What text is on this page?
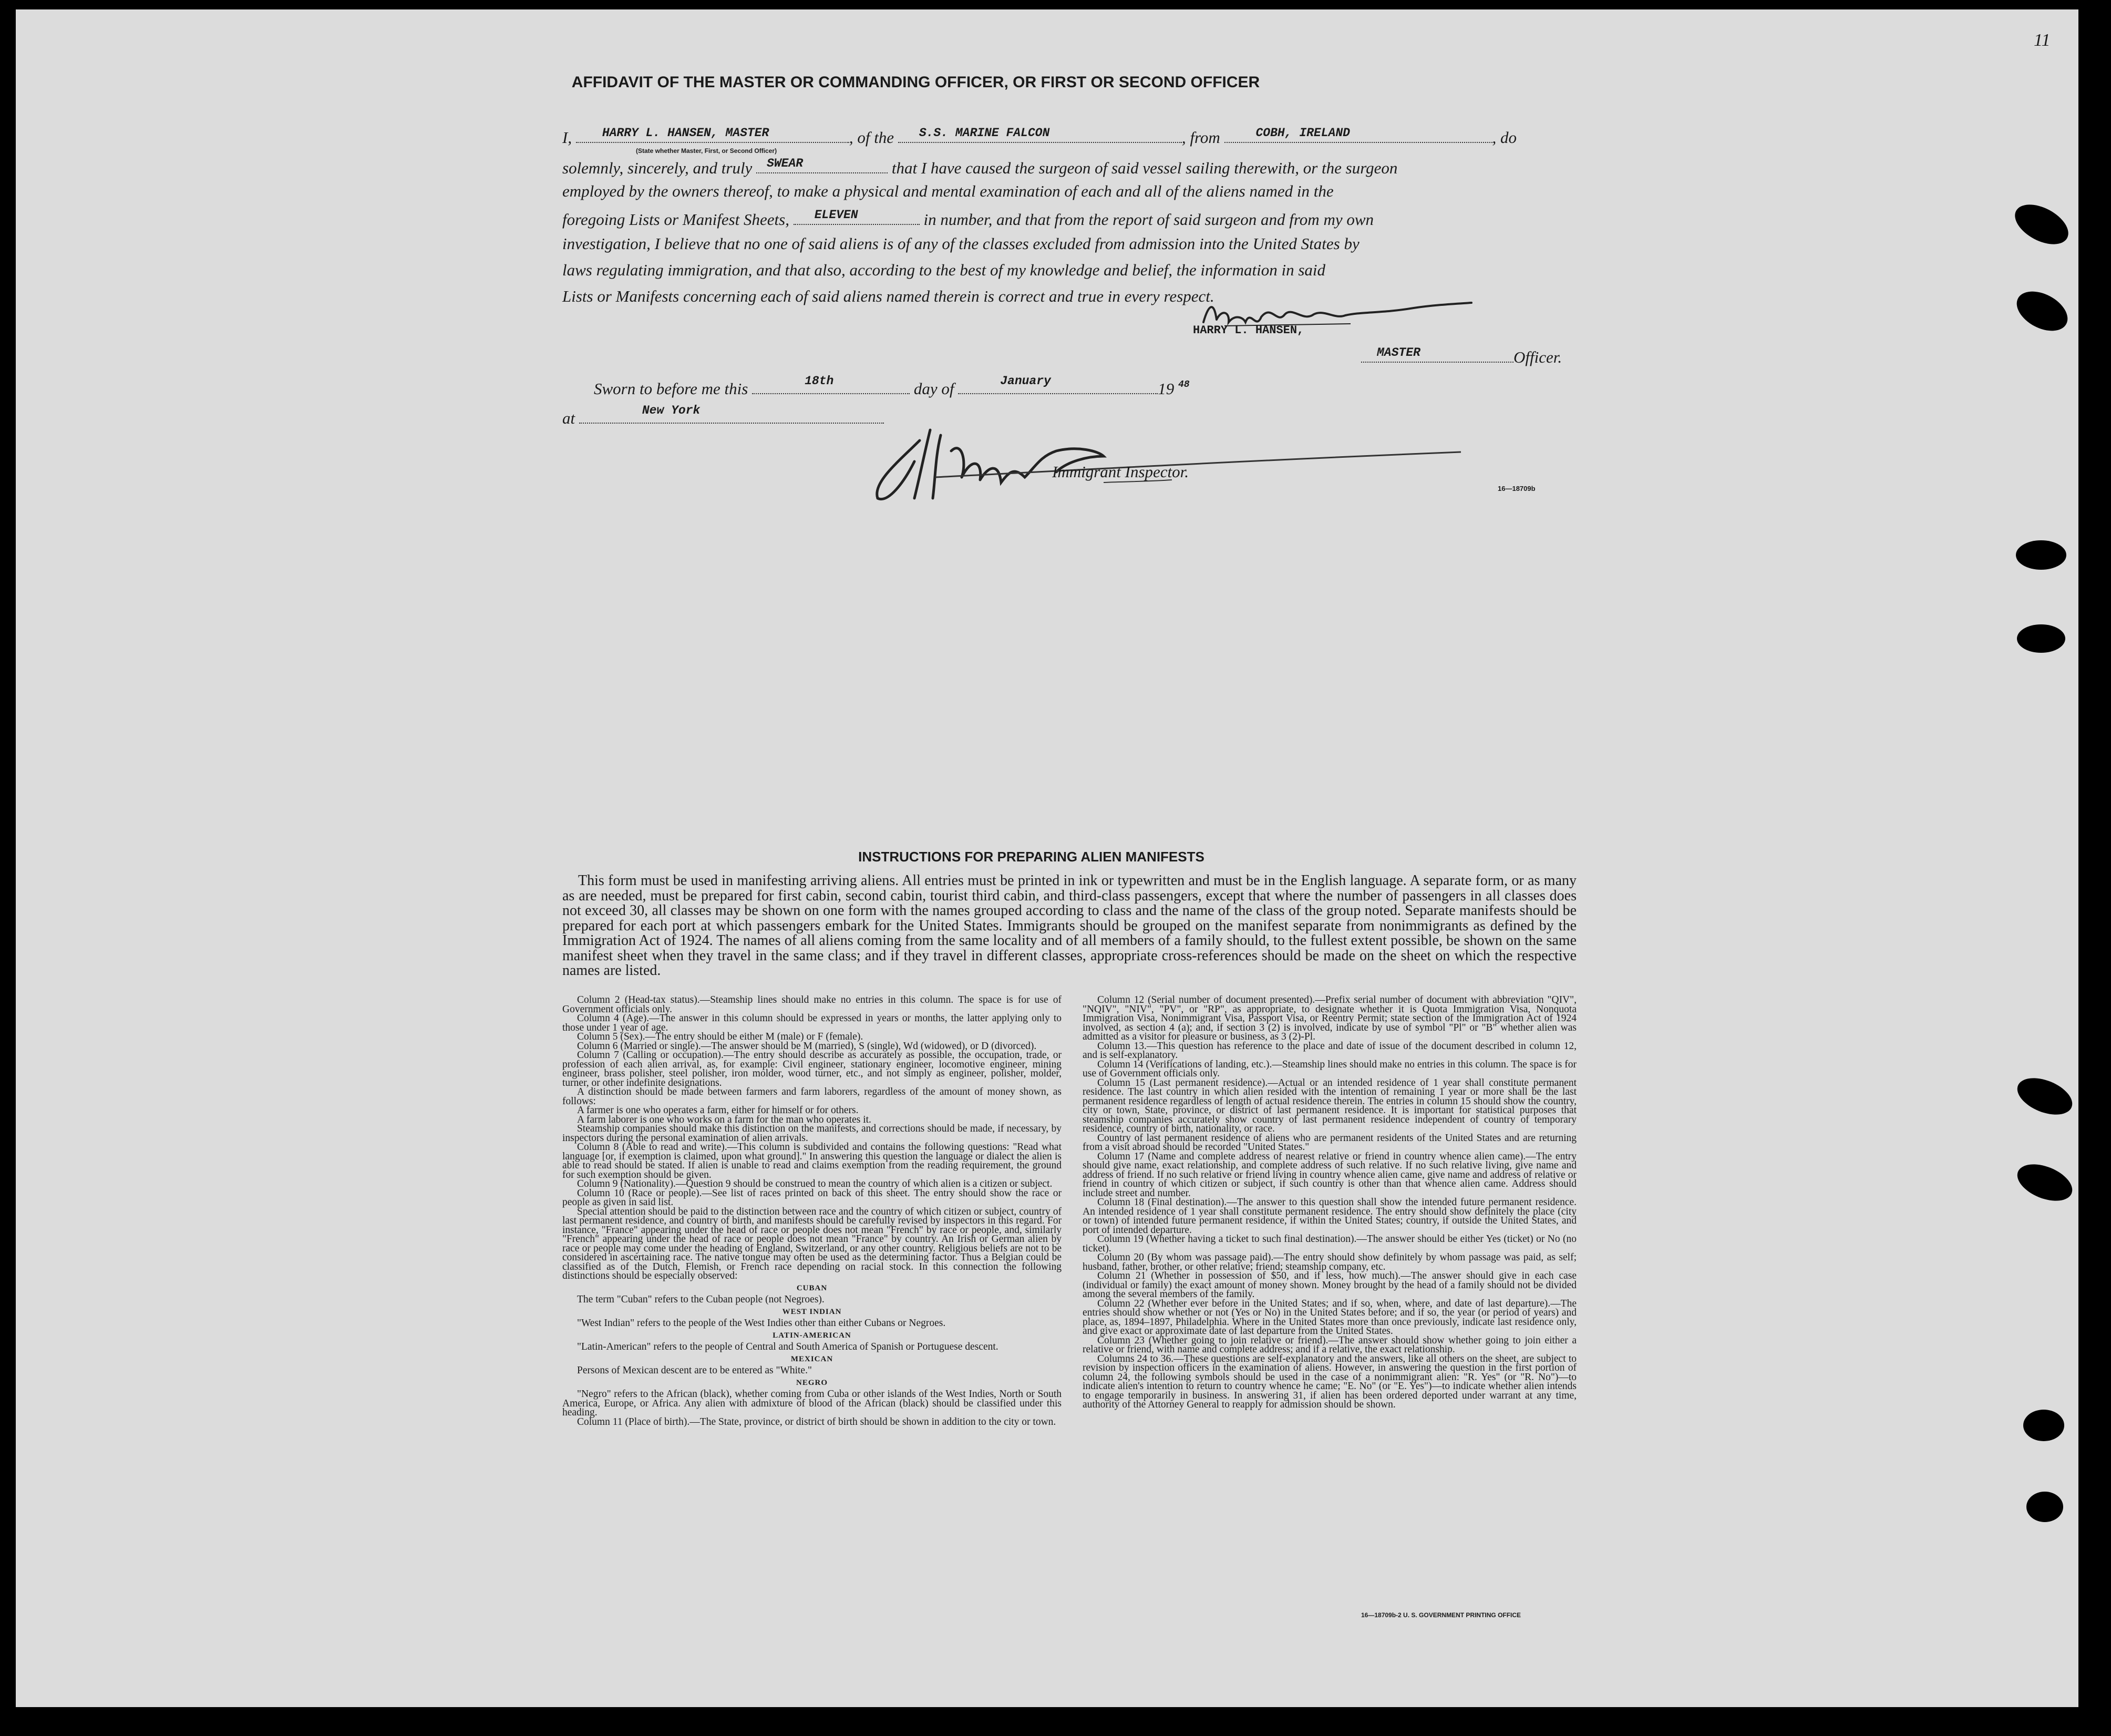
11
AFFIDAVIT OF THE MASTER OR COMMANDING OFFICER, OR FIRST OR SECOND OFFICER
I,	HARRY L. HANSEN, MASTER	, of the S.S. MARINE FALCON	, from	COBH, IRELAND	, do
(State whether Master, First, or Second Officer)
solemnly, sincerely, and truly SWEAR	that I have caused the surgeon of said vessel sailing therewith, or the surgeon
employed by the owners thereof, to make a physical and mental examination of each and all of the aliens named in the
foregoing Lists or Manifest Sheets, ELEVEN	in number, and that from the report of said surgeon and from my own
investigation, I believe that no one of said aliens is of any of the classes excluded from admission into the United States by
laws regulating immigration, and that also, according to the best of my knowledge and belief, the information in said
Lists or Manifests concerning each of said aliens named therein is correct and true in every respect.
HARRY L. HANSEN,
MASTER	Officer.
Sworn to before me this	18th	day of	January	19 $^{48}$
at	New York
Immigrant Inspector.
16—18709b
INSTRUCTIONS FOR PREPARING ALIEN MANIFESTS
This form must be used in manifesting arriving aliens. All entries must be printed in ink or typewritten and must be in the English language. A separate form, or as many as are needed, must be prepared for first cabin, second cabin, tourist third cabin, and third-class passengers, except that where the number of passengers in all classes does not exceed 30, all classes may be shown on one form with the names grouped according to class and the name of the class of the group noted. Separate manifests should be prepared for each port at which passengers embark for the United States. Immigrants should be grouped on the manifest separate from nonimmigrants as defined by the Immigration Act of 1924. The names of all aliens coming from the same locality and of all members of a family should, to the fullest extent possible, be shown on the same manifest sheet when they travel in the same class; and if they travel in different classes, appropriate cross-references should be made on the sheet on which the respective names are listed.

Column 2 (Head-tax status).—Steamship lines should make no entries in this column. The space is for use of Government officials only.

Column 4 (Age).—The answer in this column should be expressed in years or months, the latter applying only to those under 1 year of age.

Column 5 (Sex).—The entry should be either M (male) or F (female).

Column 6 (Married or single).—The answer should be M (married), S (single), Wd (widowed), or D (divorced).

Column 7 (Calling or occupation).—The entry should describe as accurately as possible, the occupation, trade, or profession of each alien arrival, as, for example: Civil engineer, stationary engineer, locomotive engineer, mining engineer, brass polisher, steel polisher, iron molder, wood turner, etc., and not simply as engineer, polisher, molder, turner, or other indefinite designations.

A distinction should be made between farmers and farm laborers, regardless of the amount of money shown, as follows:

A farmer is one who operates a farm, either for himself or for others.

A farm laborer is one who works on a farm for the man who operates it.

Steamship companies should make this distinction on the manifests, and corrections should be made, if necessary, by inspectors during the personal examination of alien arrivals.

Column 8 (Able to read and write).—This column is subdivided and contains the following questions: "Read what language [or, if exemption is claimed, upon what ground]." In answering this question the language or dialect the alien is able to read should be stated. If alien is unable to read and claims exemption from the reading requirement, the ground for such exemption should be given.

Column 9 (Nationality).—Question 9 should be construed to mean the country of which alien is a citizen or subject.

Column 10 (Race or people).—See list of races printed on back of this sheet. The entry should show the race or people as given in said list.

Special attention should be paid to the distinction between race and the country of which citizen or subject, country of last permanent residence, and country of birth, and manifests should be carefully revised by inspectors in this regard. For instance, "France" appearing under the head of race or people does not mean "French" by race or people, and, similarly "French" appearing under the head of race or people does not mean "France" by country. An Irish or German alien by race or people may come under the heading of England, Switzerland, or any other country. Religious beliefs are not to be considered in ascertaining race. The native tongue may often be used as the determining factor. Thus a Belgian could be classified as of the Dutch, Flemish, or French race depending on racial stock. In this connection the following distinctions should be especially observed:

CUBAN

The term "Cuban" refers to the Cuban people (not Negroes).

WEST INDIAN

"West Indian" refers to the people of the West Indies other than either Cubans or Negroes.

LATIN-AMERICAN

"Latin-American" refers to the people of Central and South America of Spanish or Portuguese descent.

MEXICAN

Persons of Mexican descent are to be entered as "White."

NEGRO

"Negro" refers to the African (black), whether coming from Cuba or other islands of the West Indies, North or South America, Europe, or Africa. Any alien with admixture of blood of the African (black) should be classified under this heading.

Column 11 (Place of birth).—The State, province, or district of birth should be shown in addition to the city or town.

Column 12 (Serial number of document presented).—Prefix serial number of document with abbreviation "QIV", "NQIV", "NIV", "PV", or "RP", as appropriate, to designate whether it is Quota Immigration Visa, Nonquota Immigration Visa, Nonimmigrant Visa, Passport Visa, or Reentry Permit; state section of the Immigration Act of 1924 involved, as section 4 (a); and, if section 3 (2) is involved, indicate by use of symbol "Pl" or "B" whether alien was admitted as a visitor for pleasure or business, as 3 (2)-Pl.

Column 13.—This question has reference to the place and date of issue of the document described in column 12, and is self-explanatory.

Column 14 (Verifications of landing, etc.).—Steamship lines should make no entries in this column. The space is for use of Government officials only.

Column 15 (Last permanent residence).—Actual or an intended residence of 1 year shall constitute permanent residence. The last country in which alien resided with the intention of remaining 1 year or more shall be the last permanent residence regardless of length of actual residence therein. The entries in column 15 should show the country, city or town, State, province, or district of last permanent residence. It is important for statistical purposes that steamship companies accurately show country of last permanent residence independent of country of temporary residence, country of birth, nationality, or race.

Country of last permanent residence of aliens who are permanent residents of the United States and are returning from a visit abroad should be recorded "United States."

Column 17 (Name and complete address of nearest relative or friend in country whence alien came).—The entry should give name, exact relationship, and complete address of such relative. If no such relative living, give name and address of friend. If no such relative or friend living in country whence alien came, give name and address of relative or friend in country of which citizen or subject, if such country is other than that whence alien came. Address should include street and number.

Column 18 (Final destination).—The answer to this question shall show the intended future permanent residence. An intended residence of 1 year shall constitute permanent residence. The entry should show definitely the place (city or town) of intended future permanent residence, if within the United States; country, if outside the United States, and port of intended departure.

Column 19 (Whether having a ticket to such final destination).—The answer should be either Yes (ticket) or No (no ticket).

Column 20 (By whom was passage paid).—The entry should show definitely by whom passage was paid, as self; husband, father, brother, or other relative; friend; steamship company, etc.

Column 21 (Whether in possession of $50, and if less, how much).—The answer should give in each case (individual or family) the exact amount of money shown. Money brought by the head of a family should not be divided among the several members of the family.

Column 22 (Whether ever before in the United States; and if so, when, where, and date of last departure).—The entries should show whether or not (Yes or No) in the United States before; and if so, the year (or period of years) and place, as, 1894–1897, Philadelphia. Where in the United States more than once previously, indicate last residence only, and give exact or approximate date of last departure from the United States.

Column 23 (Whether going to join relative or friend).—The answer should show whether going to join either a relative or friend, with name and complete address; and if a relative, the exact relationship.

Columns 24 to 36.—These questions are self-explanatory and the answers, like all others on the sheet, are subject to revision by inspection officers in the examination of aliens. However, in answering the question in the first portion of column 24, the following symbols should be used in the case of a nonimmigrant alien: "R. Yes" (or "R. No")—to indicate alien's intention to return to country whence he came; "E. No" (or "E. Yes")—to indicate whether alien intends to engage temporarily in business. In answering 31, if alien has been ordered deported under warrant at any time, authority of the Attorney General to reapply for admission should be shown.

16—18709b-2 U. S. GOVERNMENT PRINTING OFFICE
